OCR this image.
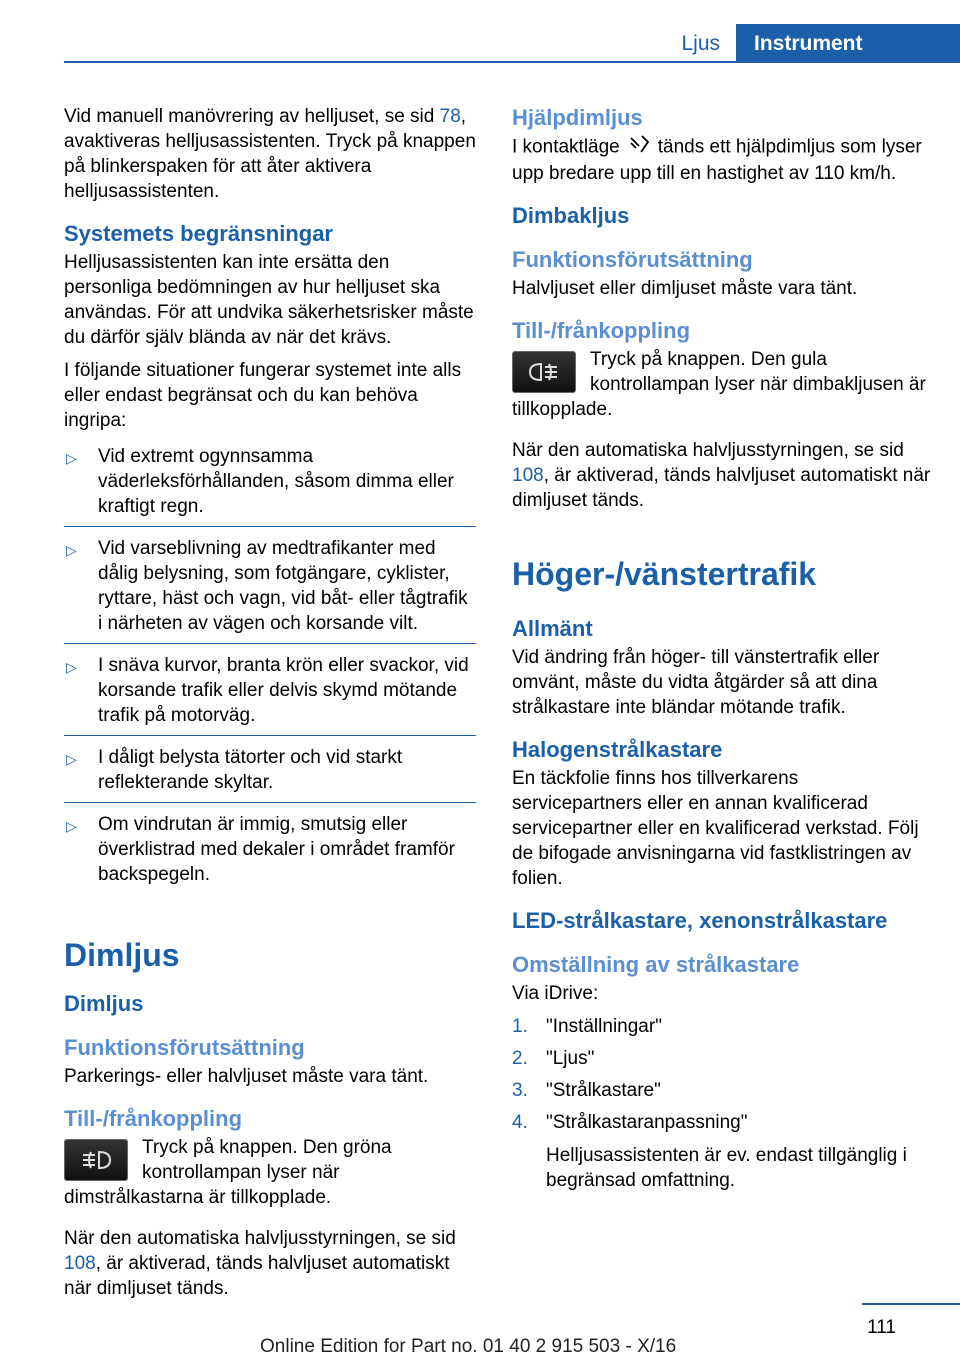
Ljus	Instrument

Vid manuell manövrering av helljuset, se sid 78, avaktiveras helljusassistenten. Tryck på knappen på blinkerspaken för att åter aktivera helljusassistenten.

Systemets begränsningar

Helljusassistenten kan inte ersätta den personliga bedömningen av hur helljuset ska användas. För att undvika säkerhetsrisker måste du därför själv blända av när det krävs.

I följande situationer fungerar systemet inte alls eller endast begränsat och du kan behöva ingripa:

▷ Vid extremt ogynnsamma väderleksförhållanden, såsom dimma eller kraftigt regn.
▷ Vid varseblivning av medtrafikanter med dålig belysning, som fotgängare, cyklister, ryttare, häst och vagn, vid båt- eller tågtrafik i närheten av vägen och korsande vilt.
▷ I snäva kurvor, branta krön eller svackor, vid korsande trafik eller delvis skymd mötande trafik på motorväg.
▷ I dåligt belysta tätorter och vid starkt reflekterande skyltar.
▷ Om vindrutan är immig, smutsig eller överklistrad med dekaler i området framför backspegeln.
Dimljus
Dimljus
Funktionsförutsättning

Parkerings- eller halvljuset måste vara tänt.

Till-/frånkoppling
Tryck på knappen. Den gröna kontrollampan lyser när dimstrålkastarna är tillkopplade.

När den automatiska halvljusstyrningen, se sid 108, är aktiverad, tänds halvljuset automatiskt när dimljuset tänds.

Hjälpdimljus

I kontaktläge tänds ett hjälpdimljus som lyser upp bredare upp till en hastighet av 110 km/h.

Dimbakljus
Funktionsförutsättning

Halvljuset eller dimljuset måste vara tänt.

Till-/frånkoppling
Tryck på knappen. Den gula kontrollampan lyser när dimbakljusen är tillkopplade.

När den automatiska halvljusstyrningen, se sid 108, är aktiverad, tänds halvljuset automatiskt när dimljuset tänds.

Höger-/vänstertrafik
Allmänt

Vid ändring från höger- till vänstertrafik eller omvänt, måste du vidta åtgärder så att dina strålkastare inte bländar mötande trafik.

Halogenstrålkastare

En täckfolie finns hos tillverkarens servicepartners eller en annan kvalificerad servicepartner eller en kvalificerad verkstad. Följ de bifogade anvisningarna vid fastklistringen av folien.

LED-strålkastare, xenonstrålkastare
Omställning av strålkastare

Via iDrive:

1. "Inställningar"
2. "Ljus"
3. "Strålkastare"
4. "Strålkastaranpassning"
Helljusassistenten är ev. endast tillgänglig i begränsad omfattning.
111
Online Edition for Part no. 01 40 2 915 503 - X/16
